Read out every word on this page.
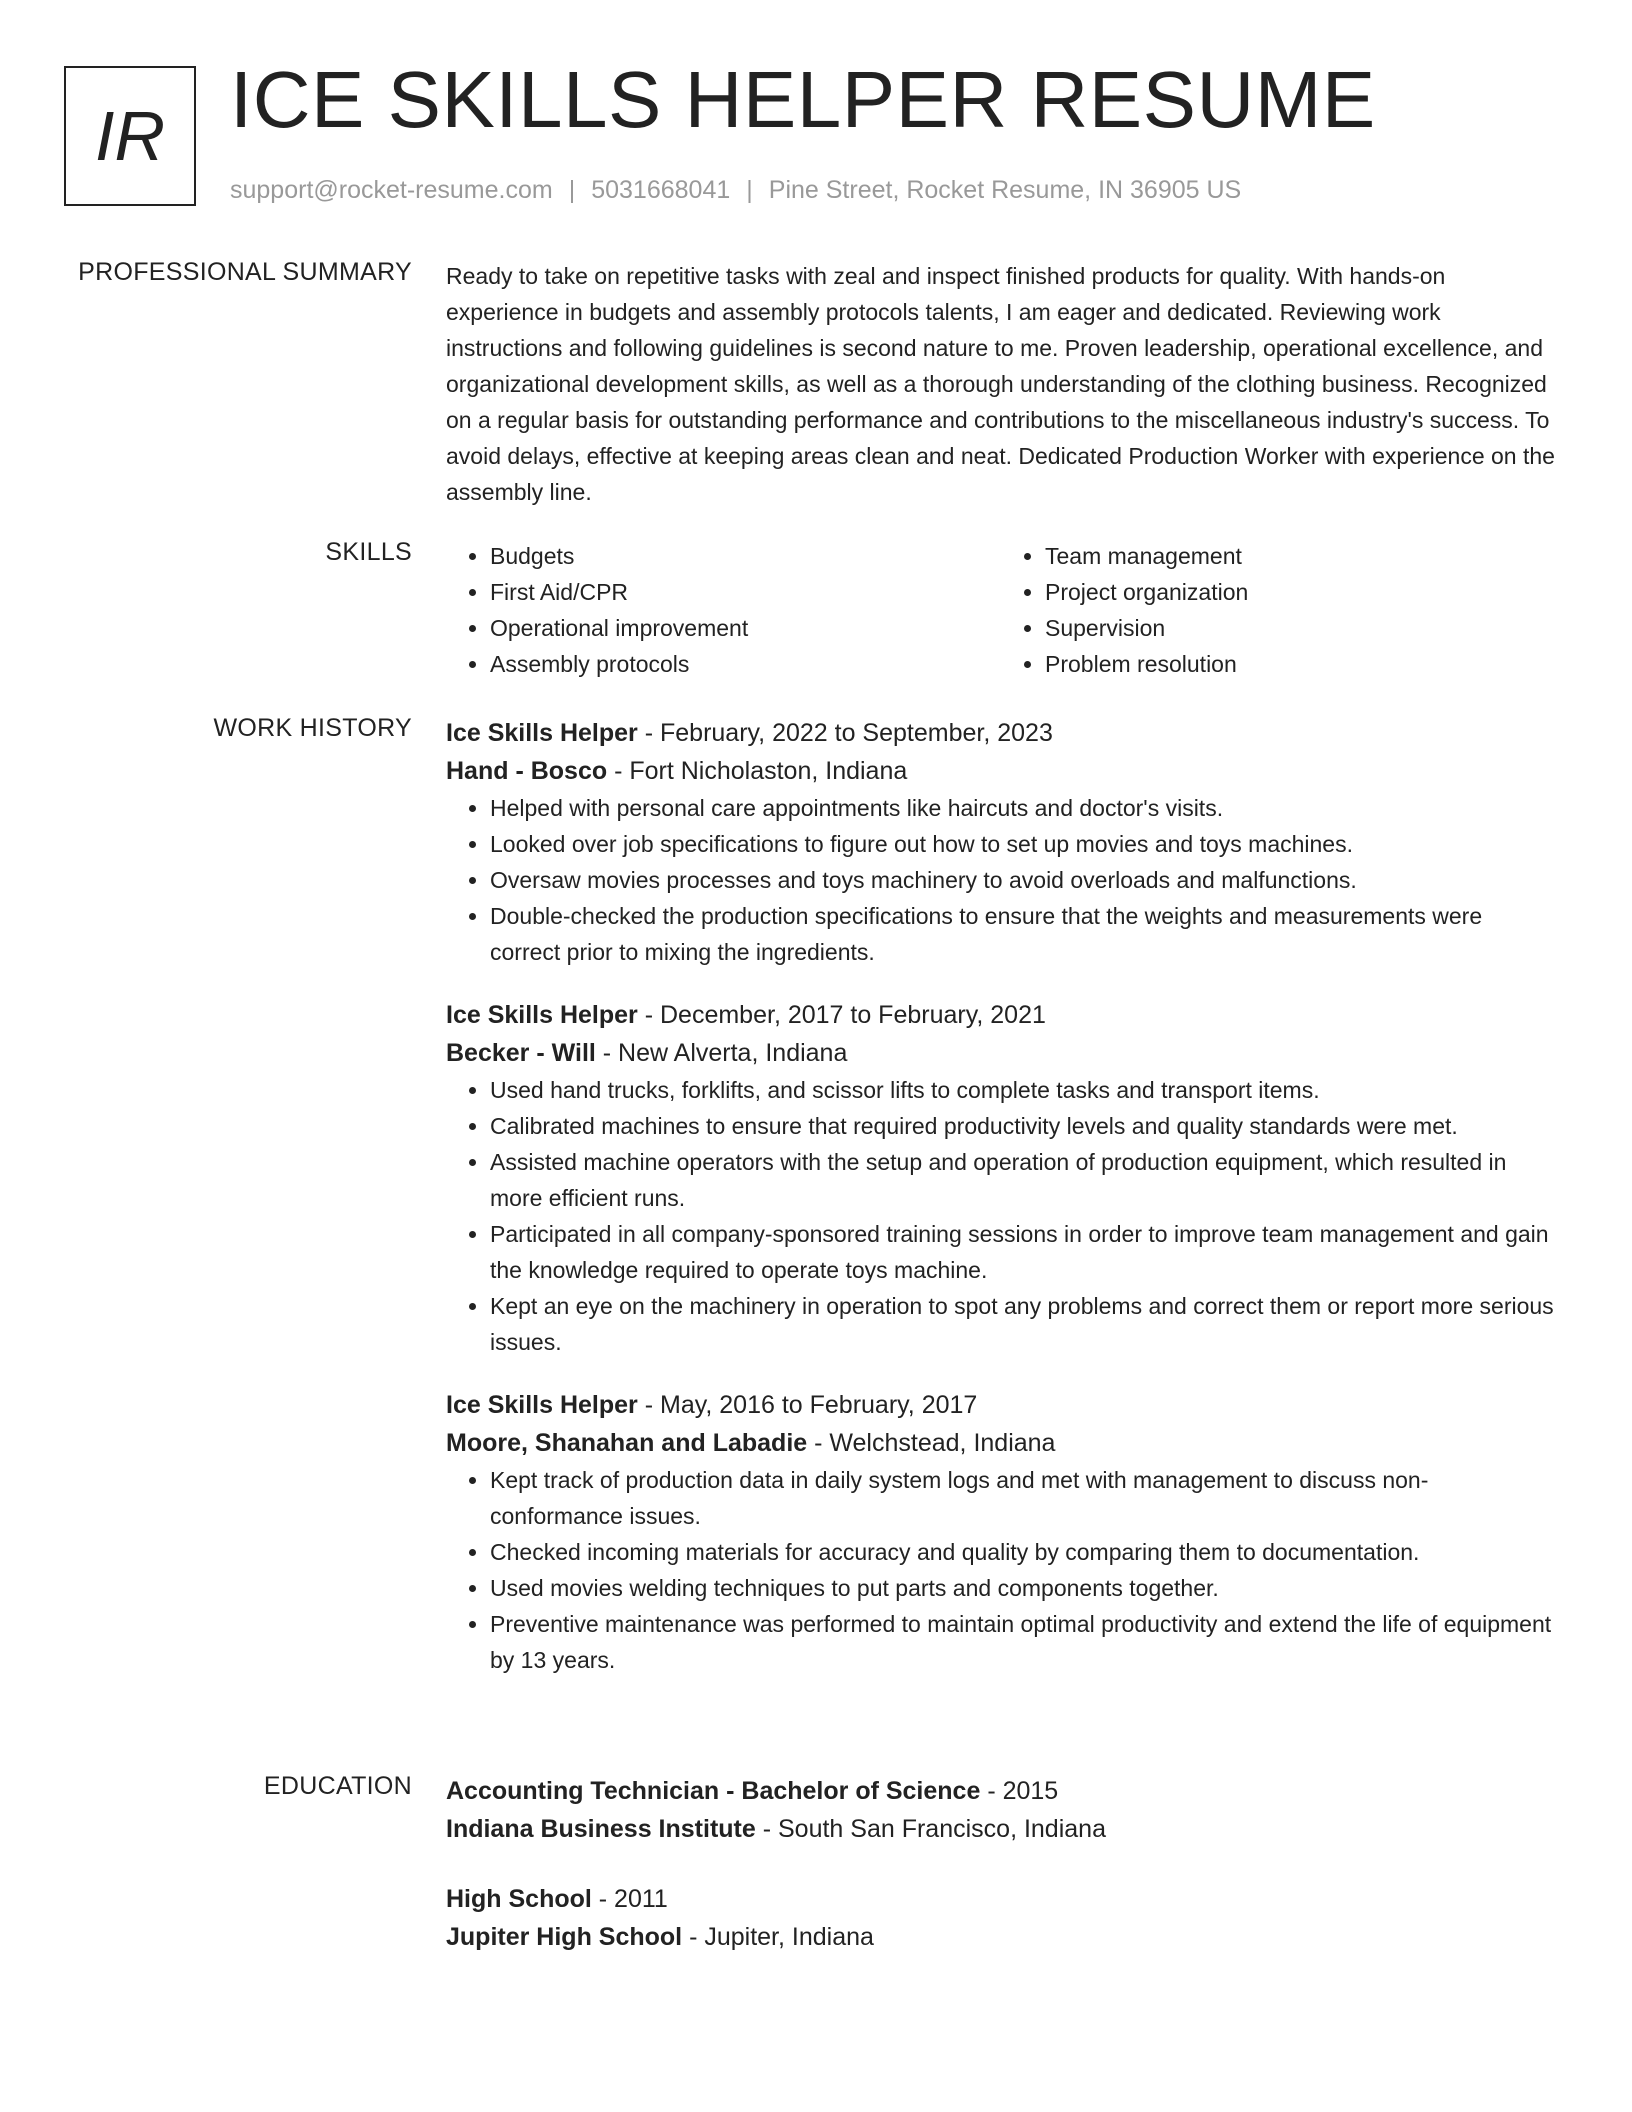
IR ICE SKILLS HELPER RESUME
support@rocket-resume.com | 5031668041 | Pine Street, Rocket Resume, IN 36905 US
PROFESSIONAL SUMMARY Ready to take on repetitive tasks with zeal and inspect finished products for quality. With hands-on experience in budgets and assembly protocols talents, I am eager and dedicated. Reviewing work instructions and following guidelines is second nature to me. Proven leadership, operational excellence, and organizational development skills, as well as a thorough understanding of the clothing business. Recognized on a regular basis for outstanding performance and contributions to the miscellaneous industry's success. To avoid delays, effective at keeping areas clean and neat. Dedicated Production Worker with experience on the assembly line.

SKILLS
•	Budgets
• First Aid/CPR
• Operational improvement
• Assembly protocols
• Team management
• Project organization
• Supervision
• Problem resolution
WORK HISTORY Ice Skills Helper - February, 2022 to September, 2023
Hand - Bosco - Fort Nicholaston, Indiana
• Helped with personal care appointments like haircuts and doctor's visits.
• Looked over job specifications to figure out how to set up movies and toys machines.
• Oversaw movies processes and toys machinery to avoid overloads and malfunctions.
• Double-checked the production specifications to ensure that the weights and measurements were correct prior to mixing the ingredients.
Ice Skills Helper - December, 2017 to February, 2021
Becker - Will - New Alverta, Indiana
• Used hand trucks, forklifts, and scissor lifts to complete tasks and transport items.
• Calibrated machines to ensure that required productivity levels and quality standards were met.
• Assisted machine operators with the setup and operation of production equipment, which resulted in more efficient runs.
• Participated in all company-sponsored training sessions in order to improve team management and gain the knowledge required to operate toys machine.
• Kept an eye on the machinery in operation to spot any problems and correct them or report more serious issues.
Ice Skills Helper - May, 2016 to February, 2017
Moore, Shanahan and Labadie - Welchstead, Indiana
• Kept track of production data in daily system logs and met with management to discuss non-conformance issues.
• Checked incoming materials for accuracy and quality by comparing them to documentation.
• Used movies welding techniques to put parts and components together.
• Preventive maintenance was performed to maintain optimal productivity and extend the life of equipment by 13 years.
EDUCATION Accounting Technician - Bachelor of Science - 2015
Indiana Business Institute - South San Francisco, Indiana
High School - 2011
Jupiter High School - Jupiter, Indiana
